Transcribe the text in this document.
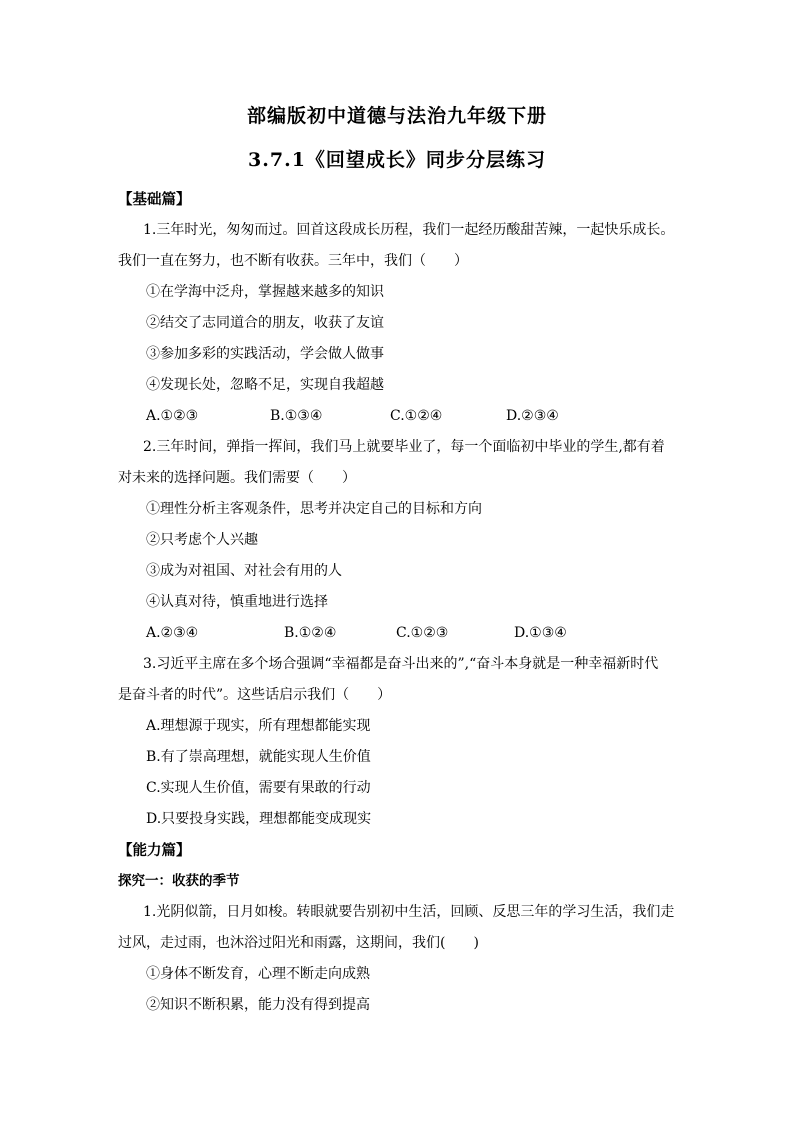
部编版初中道德与法治九年级下册
3.7.1《回望成长》同步分层练习
【基础篇】
1.三年时光，匆匆而过。回首这段成长历程，我们一起经历酸甜苦辣，一起快乐成长。
我们一直在努力，也不断有收获。三年中，我们（　　）
①在学海中泛舟，掌握越来越多的知识
②结交了志同道合的朋友，收获了友谊
③参加多彩的实践活动，学会做人做事
④发现长处，忽略不足，实现自我超越
A.①②③	B.①③④	C.①②④	D.②③④
2.三年时间，弹指一挥间，我们马上就要毕业了，每一个面临初中毕业的学生,都有着
对未来的选择问题。我们需要（　　）
①理性分析主客观条件，思考并决定自己的目标和方向
②只考虑个人兴趣
③成为对祖国、对社会有用的人
④认真对待，慎重地进行选择
A.②③④	B.①②④	C.①②③	D.①③④
3.习近平主席在多个场合强调“幸福都是奋斗出来的”,“奋斗本身就是一种幸福新时代
是奋斗者的时代”。这些话启示我们（　　）
A.理想源于现实，所有理想都能实现
B.有了崇高理想，就能实现人生价值
C.实现人生价值，需要有果敢的行动
D.只要投身实践，理想都能变成现实
【能力篇】
探究一：收获的季节
1.光阴似箭，日月如梭。转眼就要告别初中生活，回顾、反思三年的学习生活，我们走
过风，走过雨，也沐浴过阳光和雨露，这期间，我们(　　)
①身体不断发育，心理不断走向成熟
②知识不断积累，能力没有得到提高
